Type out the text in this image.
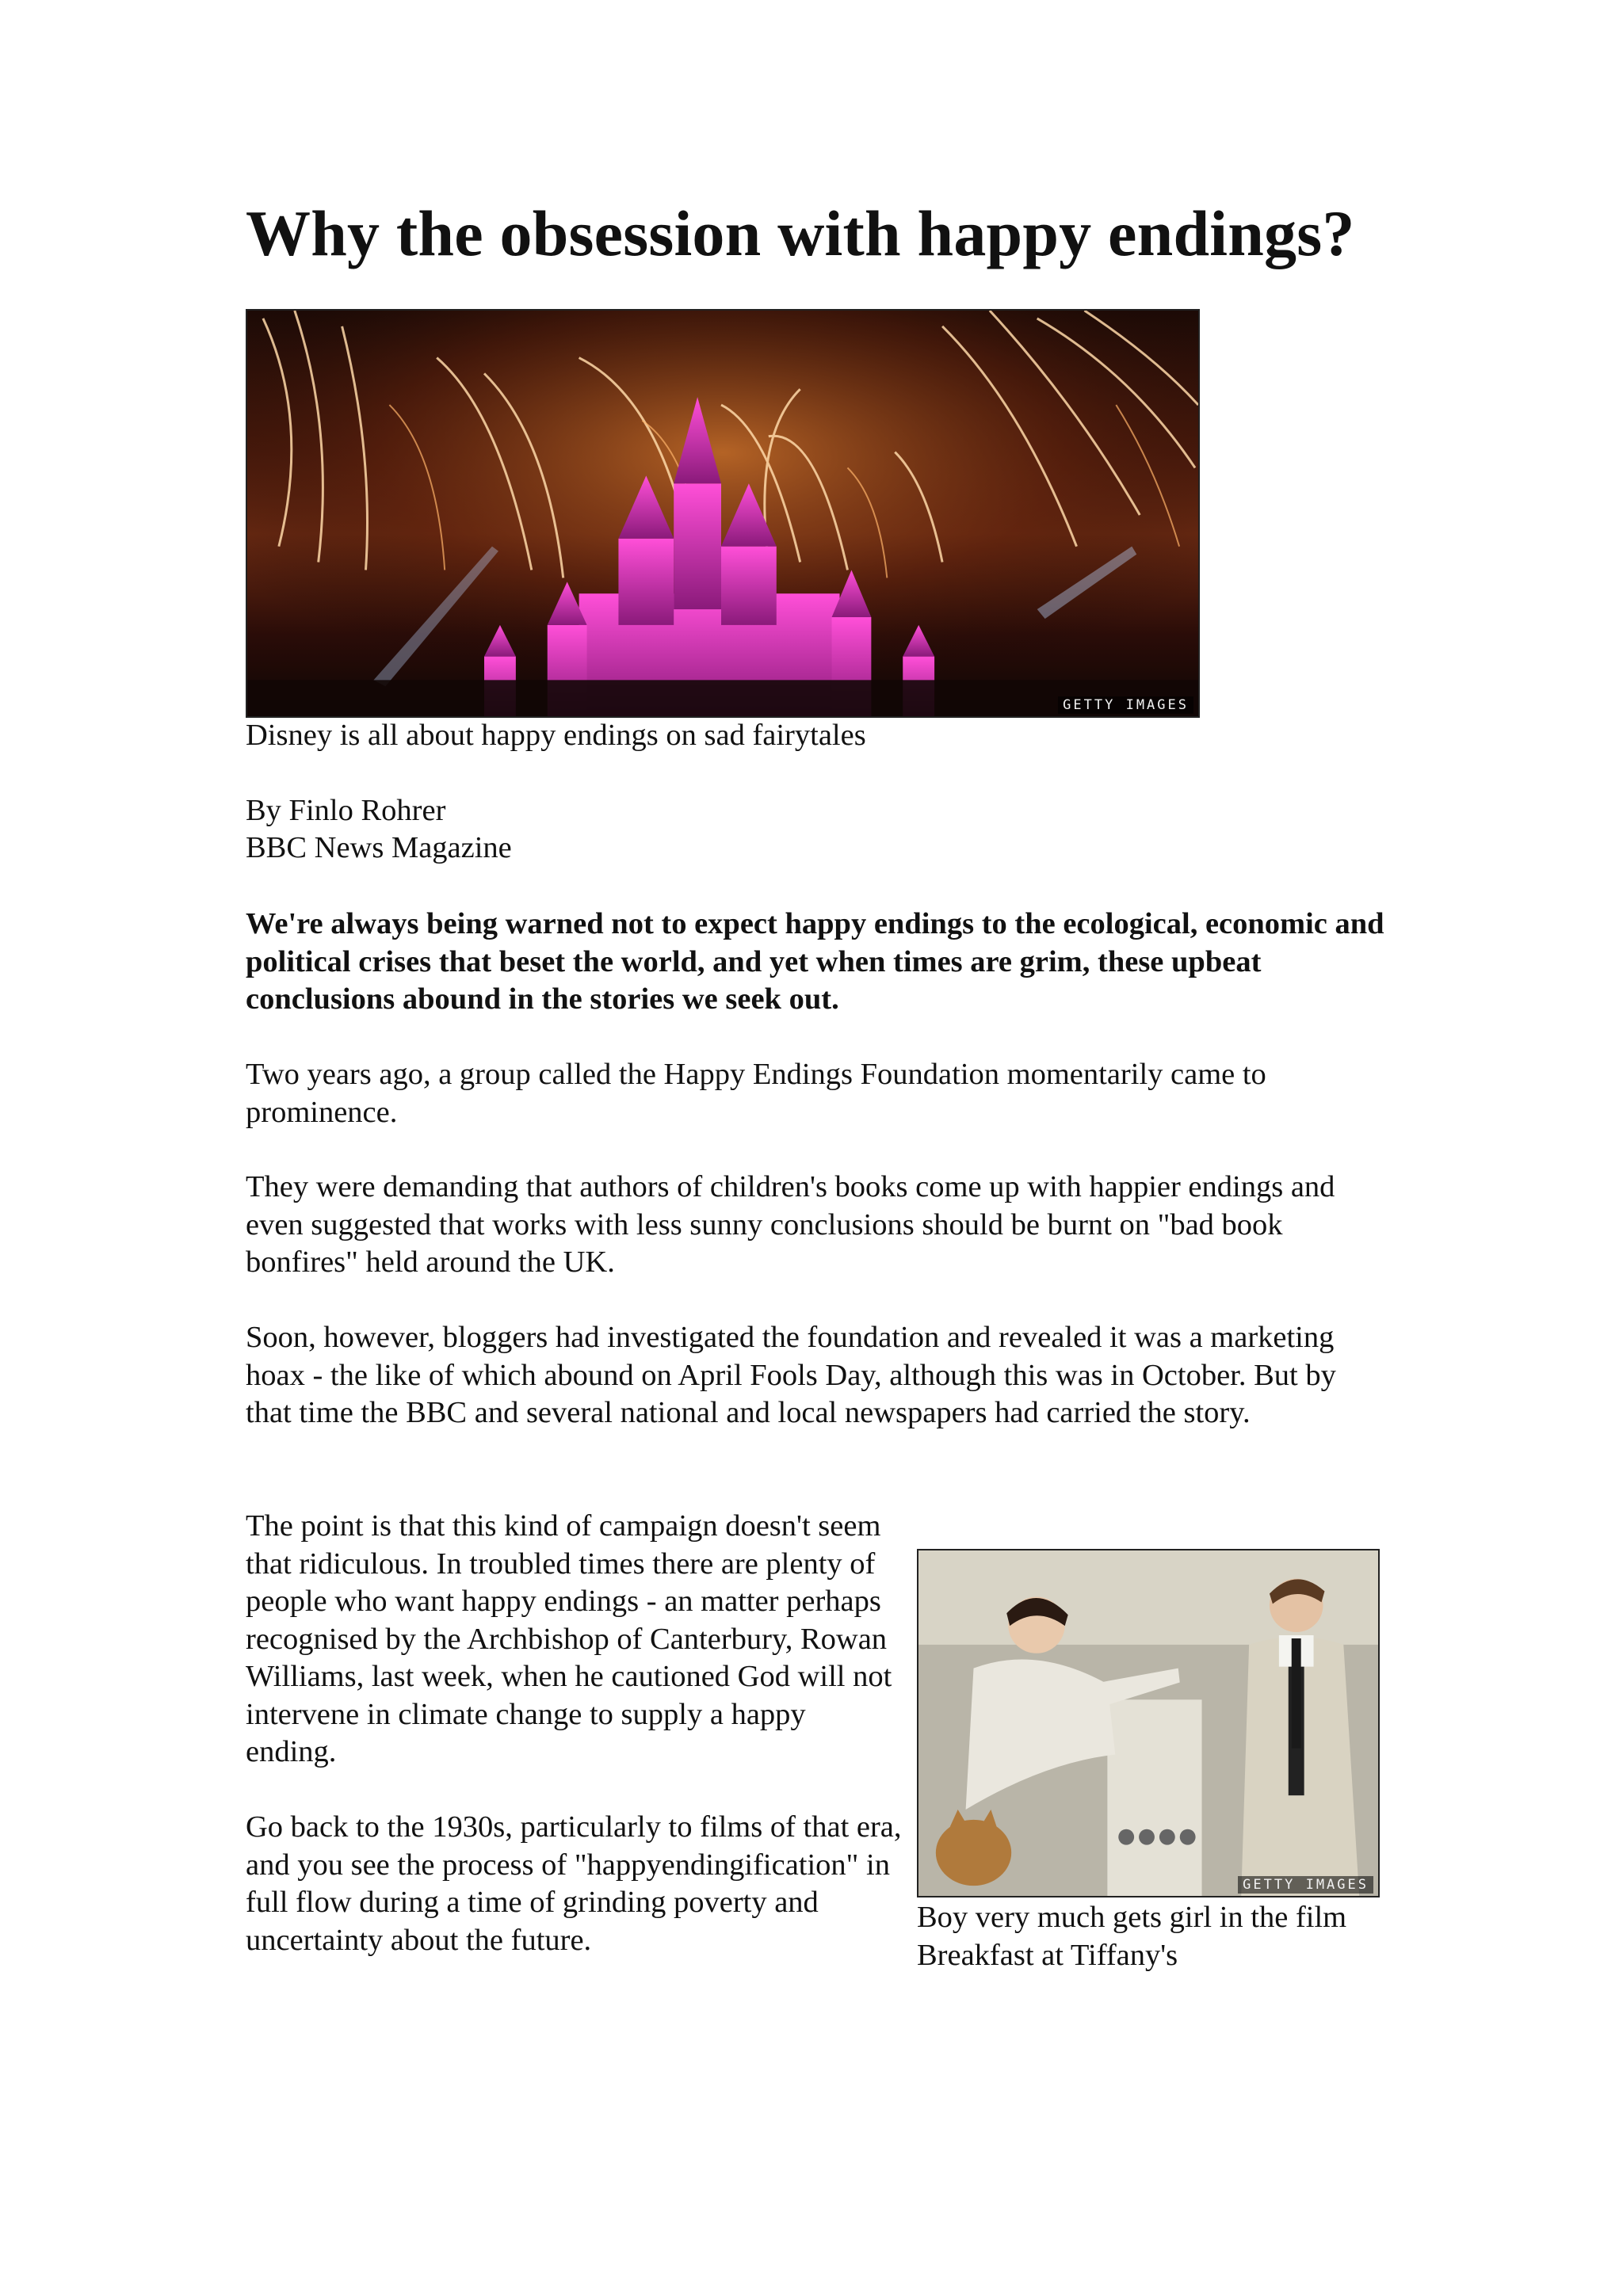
Why the obsession with happy endings?
GETTY IMAGES

Disney is all about happy endings on sad fairytales

By Finlo Rohrer

BBC News Magazine

We're always being warned not to expect happy endings to the ecological, economic and political crises that beset the world, and yet when times are grim, these upbeat conclusions abound in the stories we seek out.

Two years ago, a group called the Happy Endings Foundation momentarily came to prominence.

They were demanding that authors of children's books come up with happier endings and even suggested that works with less sunny conclusions should be burnt on "bad book bonfires" held around the UK.

Soon, however, bloggers had investigated the foundation and revealed it was a marketing hoax - the like of which abound on April Fools Day, although this was in October. But by that time the BBC and several national and local newspapers had carried the story.

The point is that this kind of campaign doesn't seem that ridiculous. In troubled times there are plenty of people who want happy endings - an matter perhaps recognised by the Archbishop of Canterbury, Rowan Williams, last week, when he cautioned God will not intervene in climate change to supply a happy ending.

Go back to the 1930s, particularly to films of that era, and you see the process of "happyendingification" in full flow during a time of grinding poverty and uncertainty about the future.

GETTY IMAGES

Boy very much gets girl in the film Breakfast at Tiffany's
